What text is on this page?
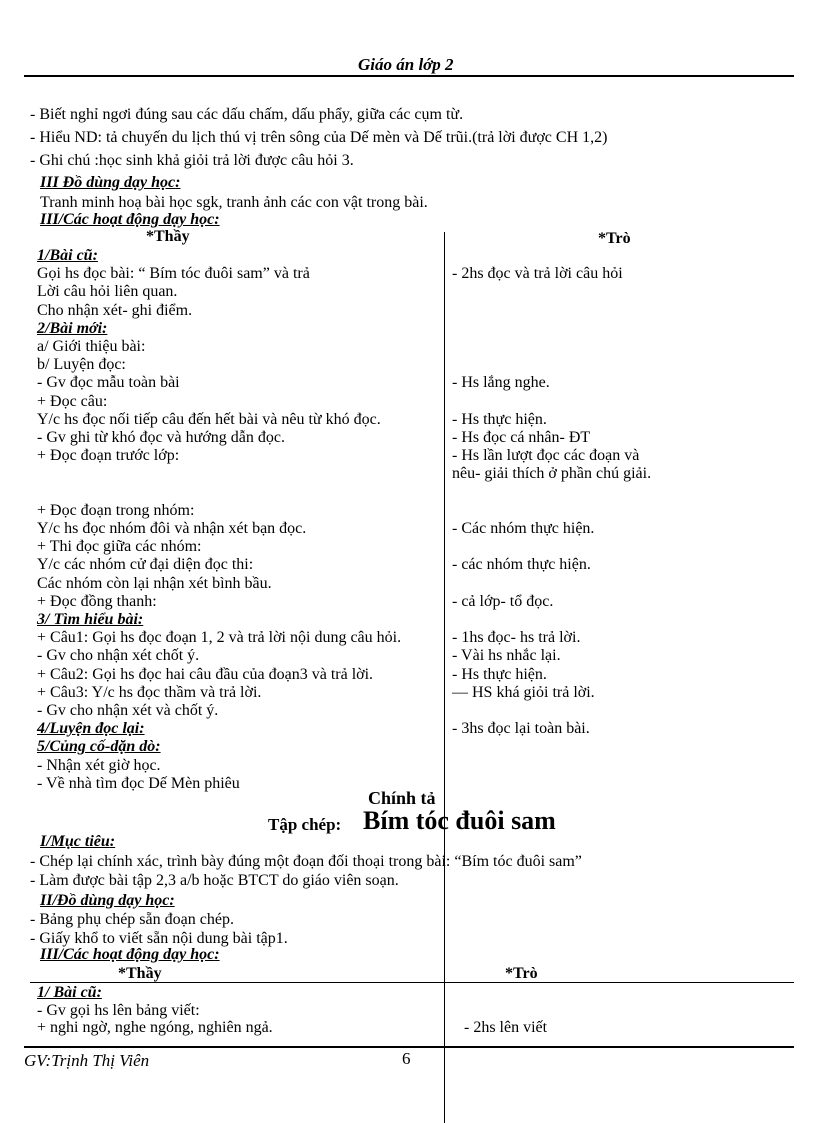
Giáo án lớp 2
- Biết nghỉ ngơi đúng sau các dấu chấm, dấu phẩy, giữa các cụm từ.
- Hiểu ND: tả chuyến du lịch thú vị trên sông của Dế mèn và Dế trũi.(trả lời được CH 1,2)
- Ghi chú :học sinh khả giỏi trả lời được câu hỏi 3.
III Đồ dùng dạy học:
Tranh minh hoạ bài học sgk, tranh ảnh các con vật trong bài.
III/Các hoạt động dạy học:
*Thầy	*Trò
1/Bài cũ:
Gọi hs đọc bài: “ Bím tóc đuôi sam” và trả	- 2hs đọc và trả lời câu hỏi
Lời câu hỏi liên quan.
Cho nhận xét- ghi điểm.
2/Bài mới:
a/ Giới thiệu bài:
b/ Luyện đọc:
- Gv đọc mẫu toàn bài	- Hs lắng nghe.
+ Đọc câu:
Y/c hs đọc nối tiếp câu đến hết bài và nêu từ khó đọc.	- Hs thực hiện.
- Gv ghi từ khó đọc và hướng dẫn đọc.	- Hs đọc cá nhân- ĐT
+ Đọc đoạn trước lớp:	- Hs lần lượt đọc các đoạn và
nêu- giải thích ở phần chú giải.
+ Đọc đoạn trong nhóm:
Y/c hs đọc nhóm đôi và nhận xét bạn đọc.	- Các nhóm thực hiện.
+ Thi đọc giữa các nhóm:
Y/c các nhóm cử đại diện đọc thi:	- các nhóm thực hiện.
Các nhóm còn lại nhận xét bình bầu.
+ Đọc đồng thanh:	- cả lớp- tổ đọc.
3/ Tìm hiểu bài:
+ Câu1: Gọi hs đọc đoạn 1, 2 và trả lời nội dung câu hỏi.	- 1hs đọc- hs trả lời.
- Gv cho nhận xét chốt ý.	- Vài hs nhắc lại.
+ Câu2: Gọi hs đọc hai câu đầu của đoạn3 và trả lời.	- Hs thực hiện.
+ Câu3: Y/c hs đọc thầm và trả lời.	— HS khá giỏi trả lời.
- Gv cho nhận xét và chốt ý.
4/Luyện đọc lại:	- 3hs đọc lại toàn bài.
5/Củng cố-dặn dò:
- Nhận xét giờ học.
- Về nhà tìm đọc Dế Mèn phiêu
Chính tả
Tập chép: Bím tóc đuôi sam
I/Mục tiêu:
- Chép lại chính xác, trình bày đúng một đoạn đối thoại trong bài: “Bím tóc đuôi sam”
- Làm được bài tập 2,3 a/b hoặc BTCT do giáo viên soạn.
II/Đồ dùng dạy học:
- Bảng phụ chép sẵn đoạn chép.
- Giấy khổ to viết sẵn nội dung bài tập1.
III/Các hoạt động dạy học:
*Thầy	*Trò
1/ Bài cũ:
- Gv gọi hs lên bảng viết:
+ nghi ngờ, nghe ngóng, nghiên ngả.	- 2hs lên viết
GV:Trịnh Thị Viên	6
